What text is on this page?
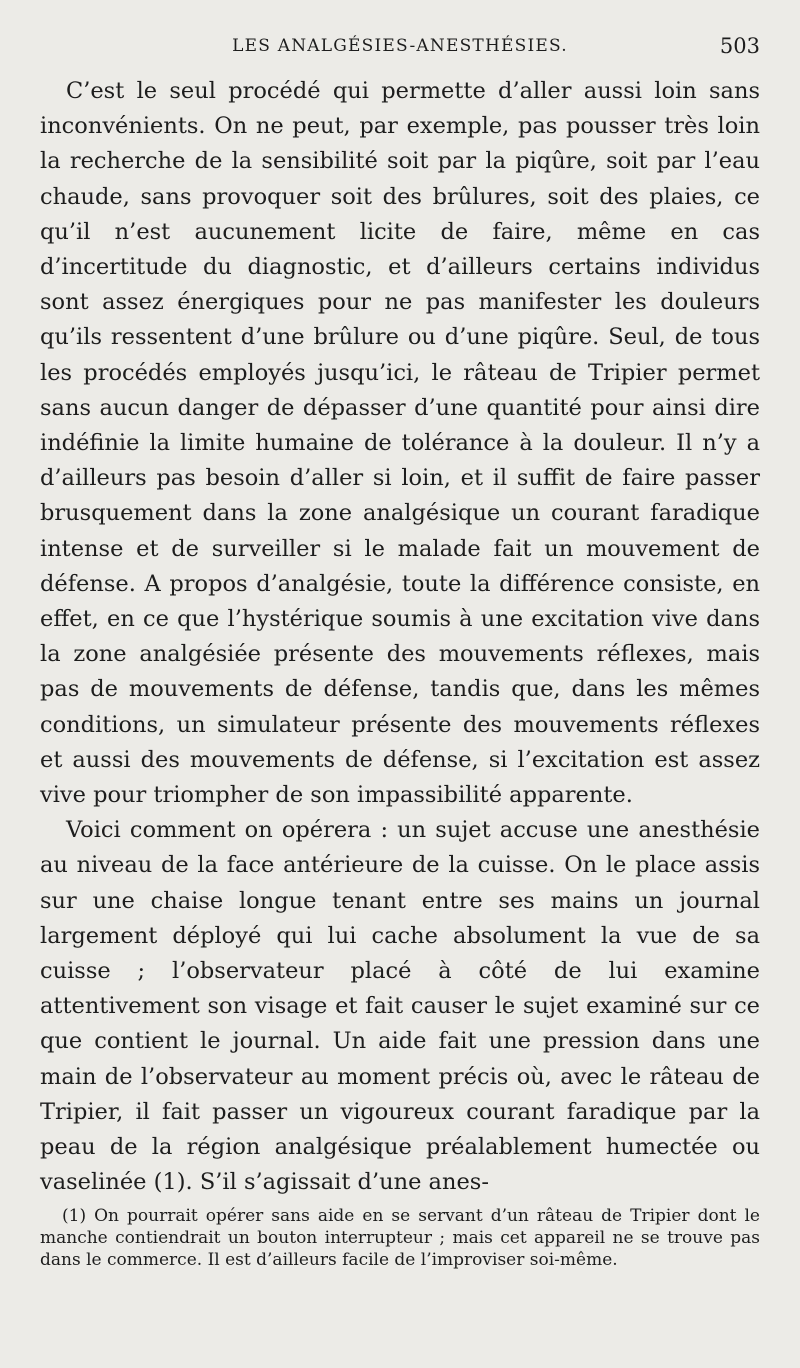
LES ANALGÉSIES-ANESTHÉSIES.	503

C’est le seul procédé qui permette d’aller aussi loin sans inconvénients. On ne peut, par exemple, pas pousser très loin la recherche de la sensibilité soit par la piqûre, soit par l’eau chaude, sans provoquer soit des brûlures, soit des plaies, ce qu’il n’est aucunement licite de faire, même en cas d’incertitude du diagnostic, et d’ailleurs certains individus sont assez énergiques pour ne pas manifester les douleurs qu’ils ressentent d’une brûlure ou d’une piqûre. Seul, de tous les procédés employés jusqu’ici, le râteau de Tripier permet sans aucun danger de dépasser d’une quantité pour ainsi dire indéfinie la limite humaine de tolérance à la douleur. Il n’y a d’ailleurs pas besoin d’aller si loin, et il suffit de faire passer brusquement dans la zone analgésique un courant faradique intense et de surveiller si le malade fait un mouvement de défense. A propos d’analgésie, toute la différence consiste, en effet, en ce que l’hystérique soumis à une excitation vive dans la zone analgésiée présente des mouvements réflexes, mais pas de mouvements de défense, tandis que, dans les mêmes conditions, un simulateur présente des mouvements réflexes et aussi des mouvements de défense, si l’excitation est assez vive pour triompher de son impassibilité apparente.

Voici comment on opérera : un sujet accuse une anesthésie au niveau de la face antérieure de la cuisse. On le place assis sur une chaise longue tenant entre ses mains un journal largement déployé qui lui cache absolument la vue de sa cuisse ; l’observateur placé à côté de lui examine attentivement son visage et fait causer le sujet examiné sur ce que contient le journal. Un aide fait une pression dans une main de l’observateur au moment précis où, avec le râteau de Tripier, il fait passer un vigoureux courant faradique par la peau de la région analgésique préalablement humectée ou vaselinée (1). S’il s’agissait d’une anes-

(1) On pourrait opérer sans aide en se servant d’un râteau de Tripier dont le manche contiendrait un bouton interrupteur ; mais cet appareil ne se trouve pas dans le commerce. Il est d’ailleurs facile de l’improviser soi-même.
